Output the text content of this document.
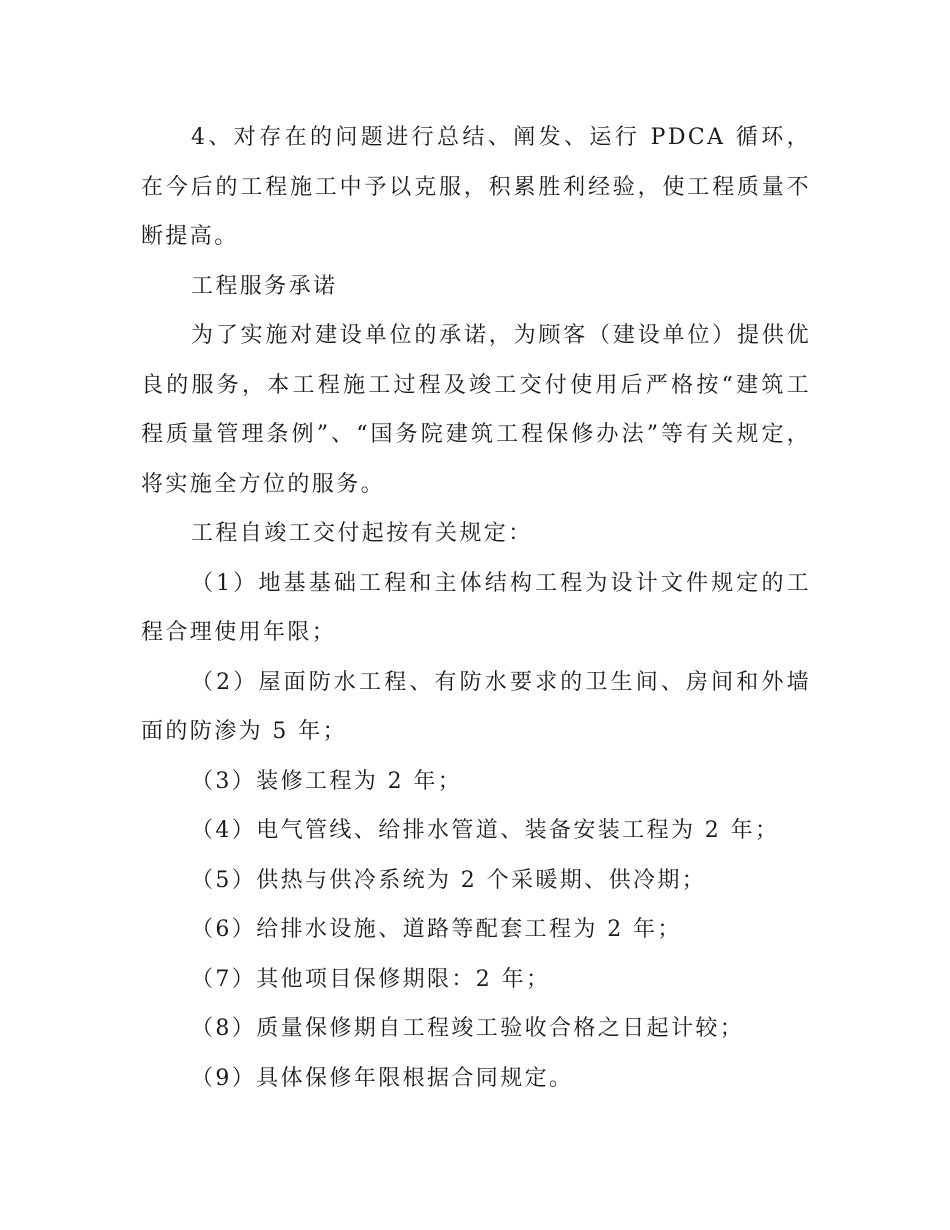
4、对存在的问题进行总结、阐发、运行 PDCA 循环，在今后的工程施工中予以克服，积累胜利经验，使工程质量不断提高。

工程服务承诺

为了实施对建设单位的承诺，为顾客（建设单位）提供优良的服务，本工程施工过程及竣工交付使用后严格按“建筑工程质量管理条例”、“国务院建筑工程保修办法”等有关规定，将实施全方位的服务。

工程自竣工交付起按有关规定：

（1）地基基础工程和主体结构工程为设计文件规定的工程合理使用年限；

（2）屋面防水工程、有防水要求的卫生间、房间和外墙面的防渗为 5 年；

（3）装修工程为 2 年；

（4）电气管线、给排水管道、装备安装工程为 2 年；

（5）供热与供冷系统为 2 个采暖期、供冷期；

（6）给排水设施、道路等配套工程为 2 年；

（7）其他项目保修期限：2 年；

（8）质量保修期自工程竣工验收合格之日起计较；

（9）具体保修年限根据合同规定。
